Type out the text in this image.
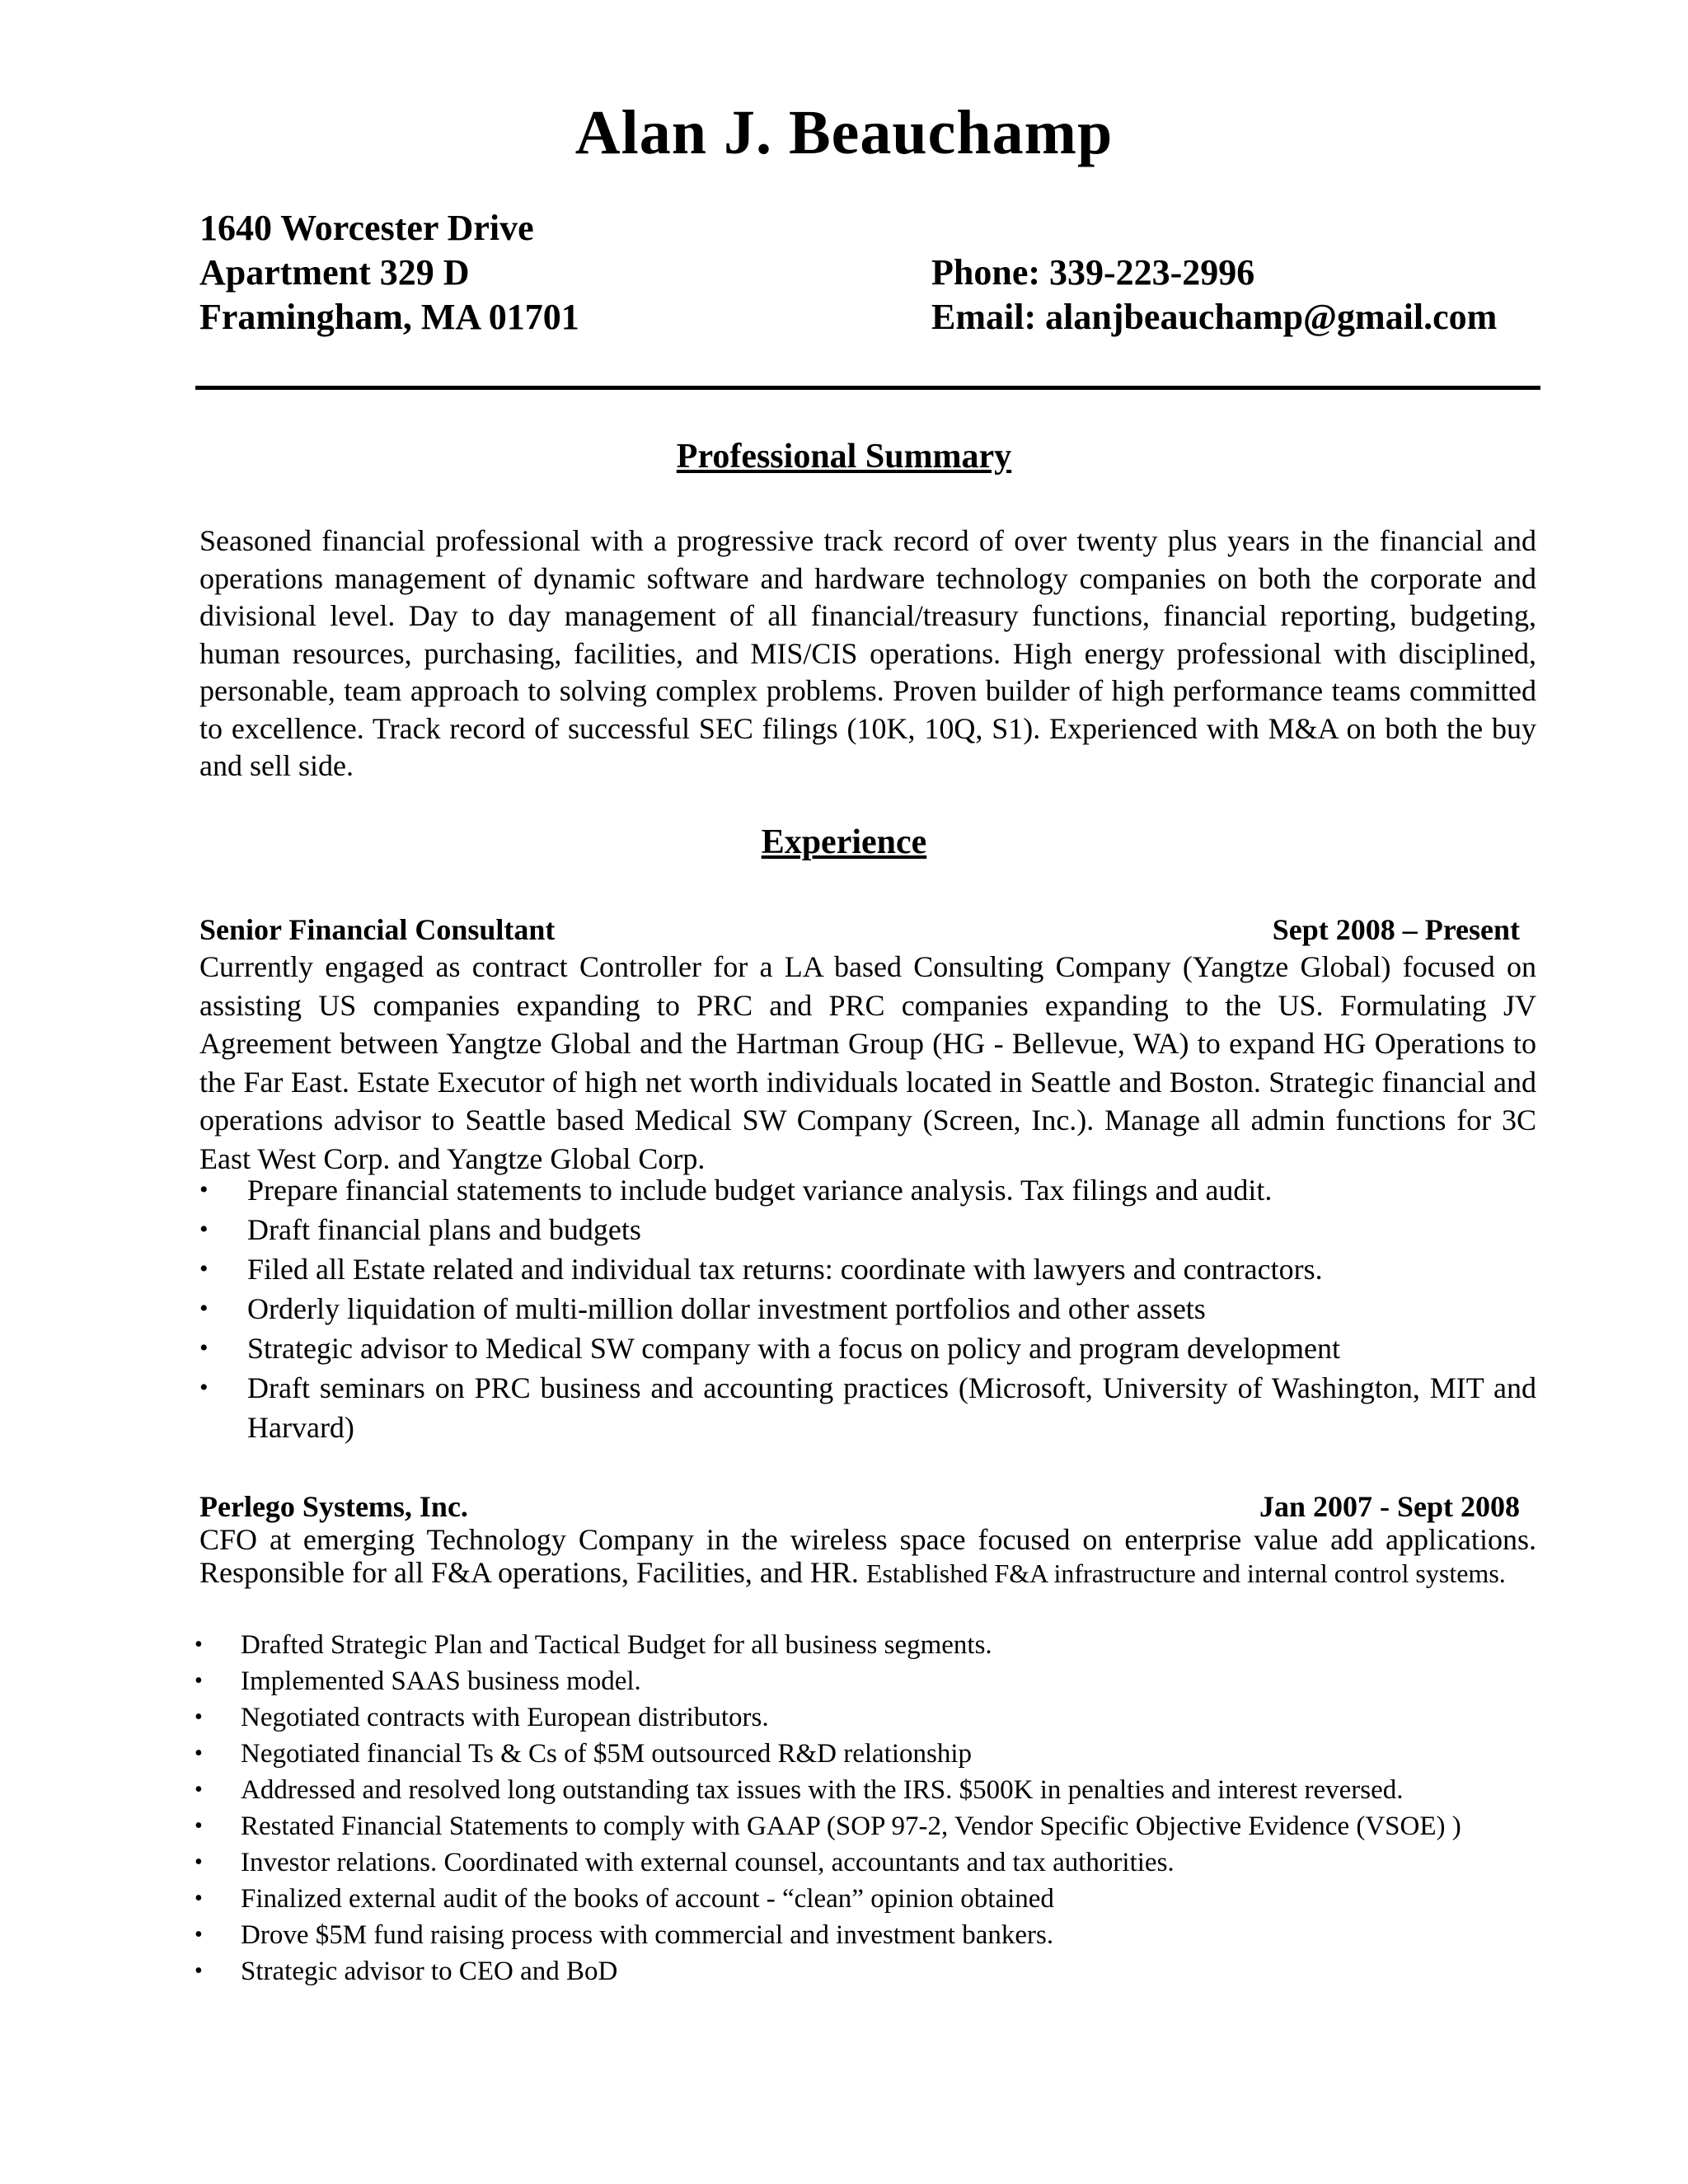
Alan J. Beauchamp
1640 Worcester Drive
Apartment 329 D
Framingham, MA 01701
Phone: 339-223-2996
Email: alanjbeauchamp@gmail.com
Professional Summary

Seasoned financial professional with a progressive track record of over twenty plus years in the financial and operations management of dynamic software and hardware technology companies on both the corporate and divisional level. Day to day management of all financial/treasury functions, financial reporting, budgeting, human resources, purchasing, facilities, and MIS/CIS operations. High energy professional with disciplined, personable, team approach to solving complex problems. Proven builder of high performance teams committed to excellence. Track record of successful SEC filings (10K, 10Q, S1). Experienced with M&A on both the buy and sell side.

Experience
Senior Financial Consultant	Sept 2008 – Present

Currently engaged as contract Controller for a LA based Consulting Company (Yangtze Global) focused on assisting US companies expanding to PRC and PRC companies expanding to the US. Formulating JV Agreement between Yangtze Global and the Hartman Group (HG - Bellevue, WA) to expand HG Operations to the Far East. Estate Executor of high net worth individuals located in Seattle and Boston. Strategic financial and operations advisor to Seattle based Medical SW Company (Screen, Inc.). Manage all admin functions for 3C East West Corp. and Yangtze Global Corp.

• Prepare financial statements to include budget variance analysis. Tax filings and audit.
• Draft financial plans and budgets
• Filed all Estate related and individual tax returns: coordinate with lawyers and contractors.
• Orderly liquidation of multi-million dollar investment portfolios and other assets
• Strategic advisor to Medical SW company with a focus on policy and program development
• Draft seminars on PRC business and accounting practices (Microsoft, University of Washington, MIT and Harvard)
Perlego Systems, Inc.	Jan 2007 - Sept 2008

CFO at emerging Technology Company in the wireless space focused on enterprise value add applications. Responsible for all F&A operations, Facilities, and HR. Established F&A infrastructure and internal control systems.

• Drafted Strategic Plan and Tactical Budget for all business segments.
• Implemented SAAS business model.
• Negotiated contracts with European distributors.
• Negotiated financial Ts & Cs of $5M outsourced R&D relationship
• Addressed and resolved long outstanding tax issues with the IRS. $500K in penalties and interest reversed.
• Restated Financial Statements to comply with GAAP (SOP 97-2, Vendor Specific Objective Evidence (VSOE) )
• Investor relations. Coordinated with external counsel, accountants and tax authorities.
• Finalized external audit of the books of account - “clean” opinion obtained
• Drove $5M fund raising process with commercial and investment bankers.
• Strategic advisor to CEO and BoD
